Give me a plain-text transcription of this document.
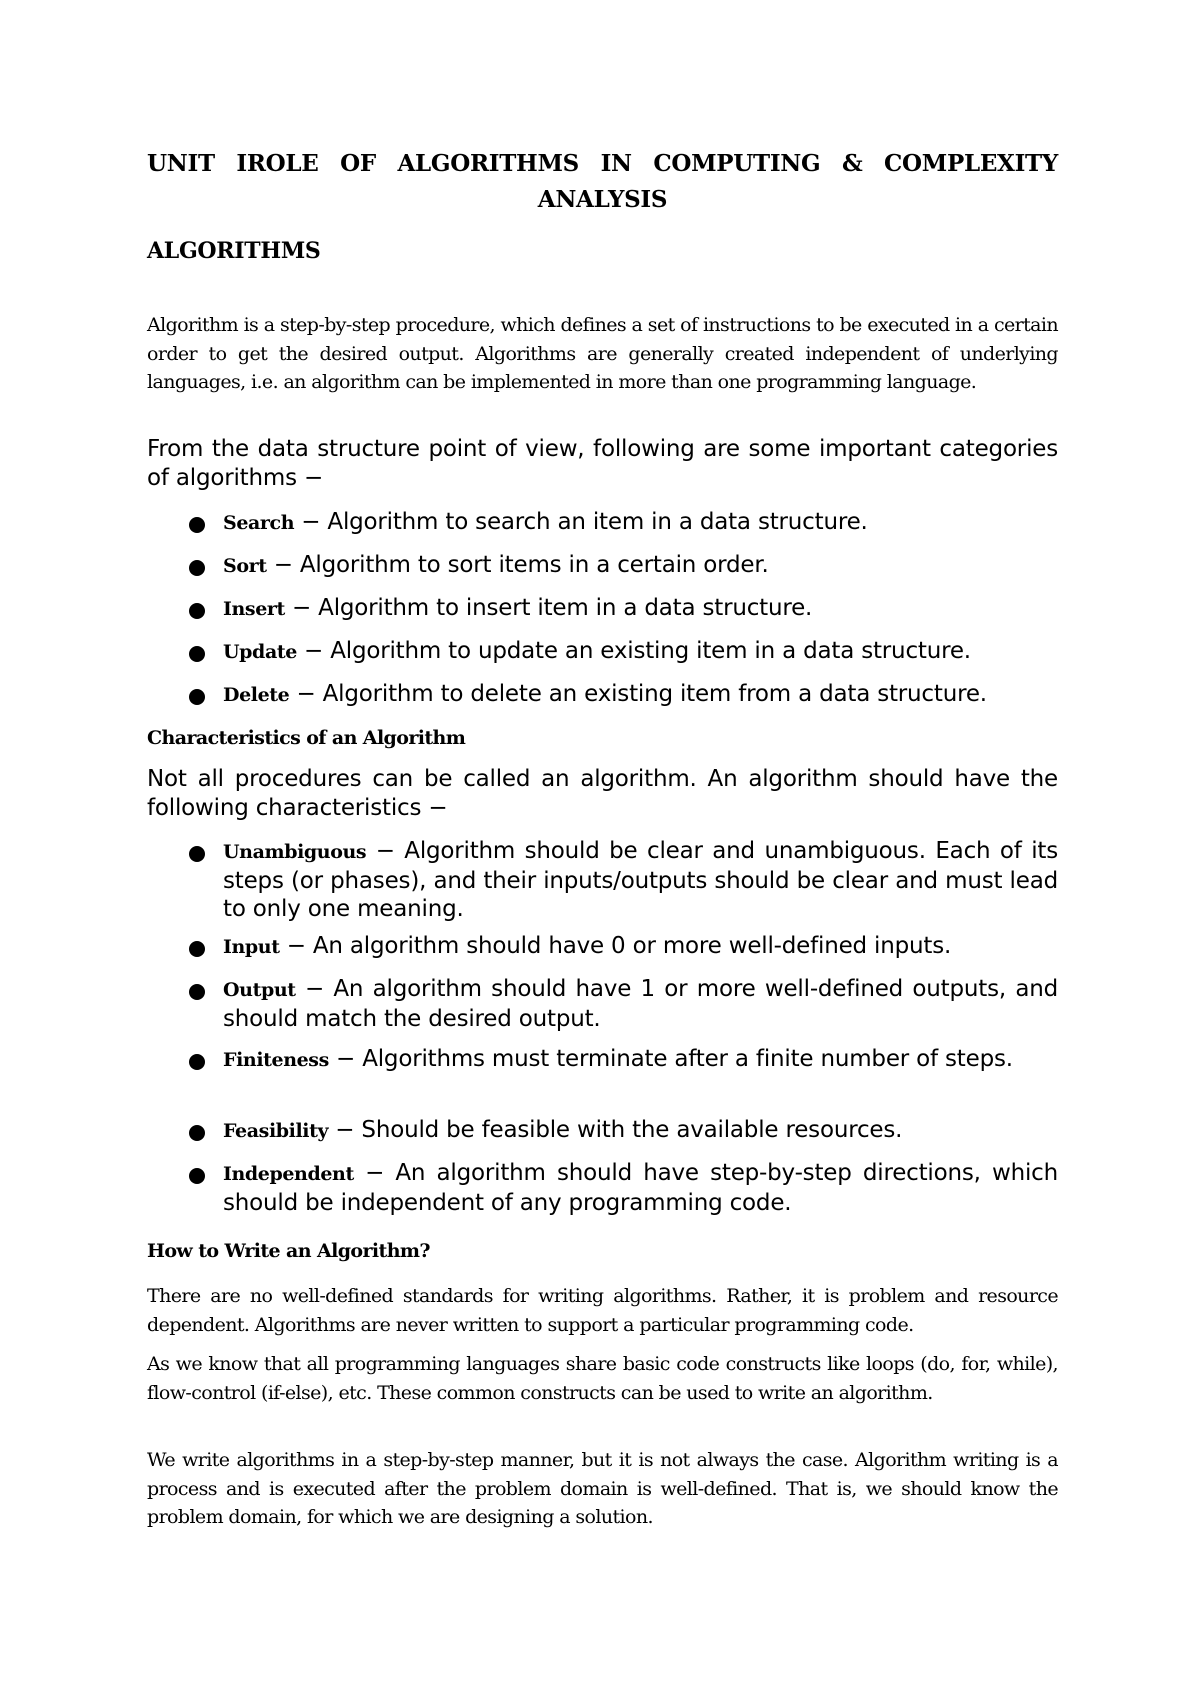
UNIT IROLE OF ALGORITHMS IN COMPUTING & COMPLEXITY
ANALYSIS
ALGORITHMS

Algorithm is a step-by-step procedure, which defines a set of instructions to be executed in a certain order to get the desired output. Algorithms are generally created independent of underlying languages, i.e. an algorithm can be implemented in more than one programming language.

From the data structure point of view, following are some important categories of algorithms −

Search − Algorithm to search an item in a data structure.
Sort − Algorithm to sort items in a certain order.
Insert − Algorithm to insert item in a data structure.
Update − Algorithm to update an existing item in a data structure.
Delete − Algorithm to delete an existing item from a data structure.
Characteristics of an Algorithm

Not all procedures can be called an algorithm. An algorithm should have the following characteristics −

Unambiguous − Algorithm should be clear and unambiguous. Each of its steps (or phases), and their inputs/outputs should be clear and must lead to only one meaning.
Input − An algorithm should have 0 or more well-defined inputs.
Output − An algorithm should have 1 or more well-defined outputs, and should match the desired output.
Finiteness − Algorithms must terminate after a finite number of steps.
Feasibility − Should be feasible with the available resources.
Independent − An algorithm should have step-by-step directions, which should be independent of any programming code.
How to Write an Algorithm?

There are no well-defined standards for writing algorithms. Rather, it is problem and resource dependent. Algorithms are never written to support a particular programming code.

As we know that all programming languages share basic code constructs like loops (do, for, while), flow-control (if-else), etc. These common constructs can be used to write an algorithm.

We write algorithms in a step-by-step manner, but it is not always the case. Algorithm writing is a process and is executed after the problem domain is well-defined. That is, we should know the problem domain, for which we are designing a solution.
